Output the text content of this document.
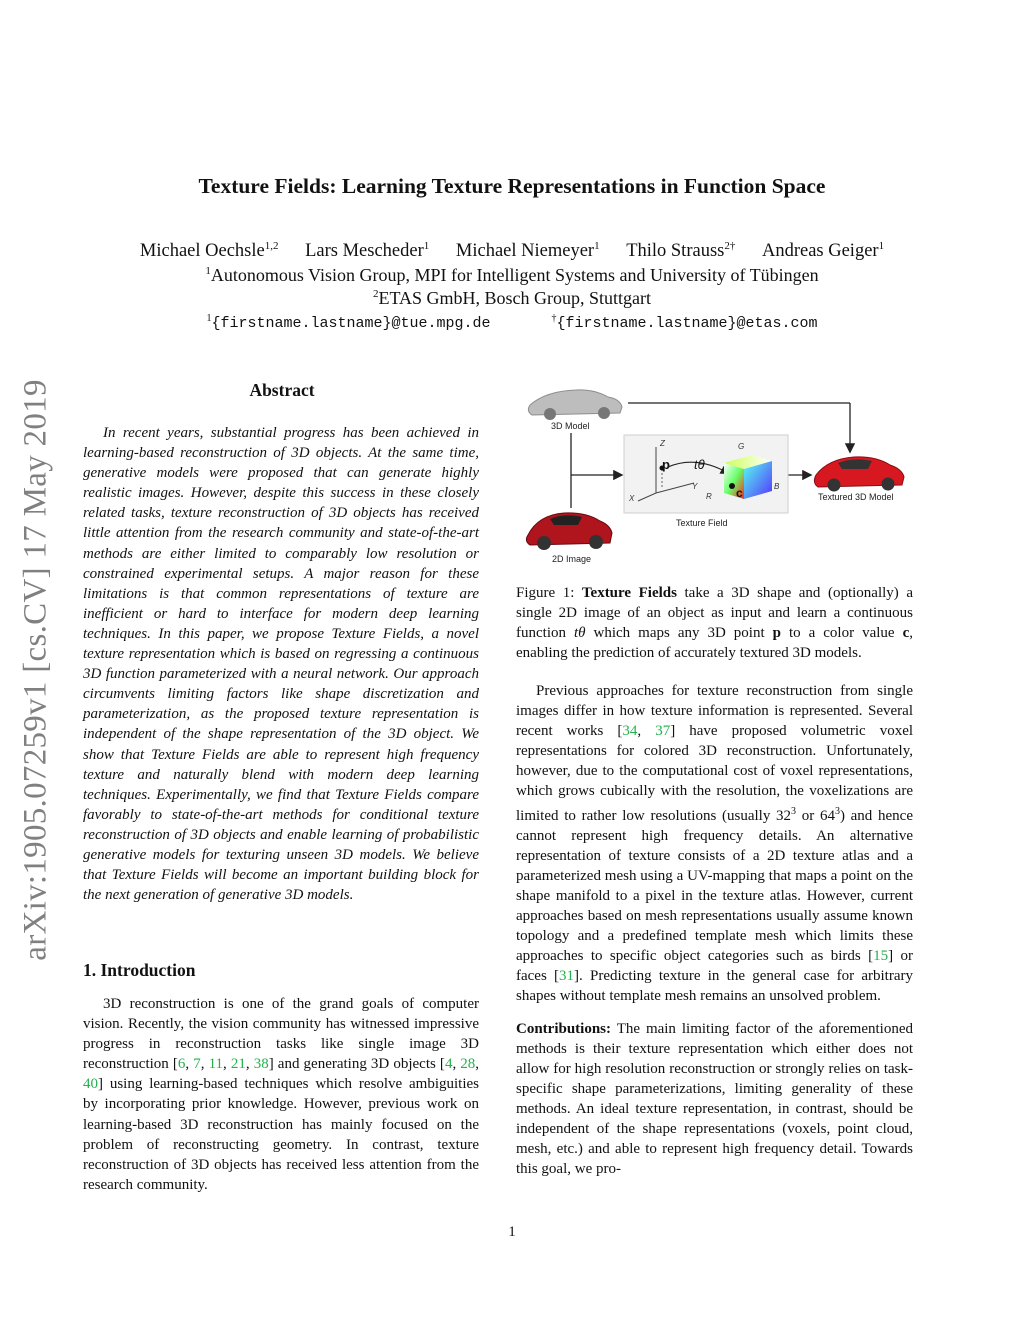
arXiv:1905.07259v1 [cs.CV] 17 May 2019
Texture Fields: Learning Texture Representations in Function Space
Michael Oechsle$^{1,2}$ Lars Mescheder$^1$ Michael Niemeyer$^1$ Thilo Strauss$^{2\dagger}$ Andreas Geiger$^1$
$^1$Autonomous Vision Group, MPI for Intelligent Systems and University of Tübingen
$^2$ETAS GmbH, Bosch Group, Stuttgart
$^1${firstname.lastname}@tue.mpg.de	†{firstname.lastname}@etas.com
Abstract

In recent years, substantial progress has been achieved in learning-based reconstruction of 3D objects. At the same time, generative models were proposed that can generate highly realistic images. However, despite this success in these closely related tasks, texture reconstruction of 3D objects has received little attention from the research community and state-of-the-art methods are either limited to comparably low resolution or constrained experimental setups. A major reason for these limitations is that common representations of texture are inefficient or hard to interface for modern deep learning techniques. In this paper, we propose Texture Fields, a novel texture representation which is based on regressing a continuous 3D function parameterized with a neural network. Our approach circumvents limiting factors like shape discretization and parameterization, as the proposed texture representation is independent of the shape representation of the 3D object. We show that Texture Fields are able to represent high frequency texture and naturally blend with modern deep learning techniques. Experimentally, we find that Texture Fields compare favorably to state-of-the-art methods for conditional texture reconstruction of 3D objects and enable learning of probabilistic generative models for texturing unseen 3D models. We believe that Texture Fields will become an important building block for the next generation of generative 3D models.

1. Introduction

3D reconstruction is one of the grand goals of computer vision. Recently, the vision community has witnessed impressive progress in reconstruction tasks like single image 3D reconstruction [6, 7, 11, 21, 38] and generating 3D objects [4, 28, 40] using learning-based techniques which resolve ambiguities by incorporating prior knowledge. However, previous work on learning-based 3D reconstruction has mainly focused on the problem of reconstructing geometry. In contrast, texture reconstruction of 3D objects has received less attention from the research community.

3D Model
2D Image
Z
X
Y
p tθ
c
G
R
B
Texture Field
Textured 3D Model
Figure 1: Texture Fields take a 3D shape and (optionally) a single 2D image of an object as input and learn a continuous function tθ which maps any 3D point p to a color value c, enabling the prediction of accurately textured 3D models.

Previous approaches for texture reconstruction from single images differ in how texture information is represented. Several recent works [34, 37] have proposed volumetric voxel representations for colored 3D reconstruction. Unfortunately, however, due to the computational cost of voxel representations, which grows cubically with the resolution, the voxelizations are limited to rather low resolutions (usually $32^3$ or $64^3$) and hence cannot represent high frequency details. An alternative representation of texture consists of a 2D texture atlas and a parameterized mesh using a UV-mapping that maps a point on the shape manifold to a pixel in the texture atlas. However, current approaches based on mesh representations usually assume known topology and a predefined template mesh which limits these approaches to specific object categories such as birds [15] or faces [31]. Predicting texture in the general case for arbitrary shapes without template mesh remains an unsolved problem.

Contributions: The main limiting factor of the aforementioned methods is their texture representation which either does not allow for high resolution reconstruction or strongly relies on task-specific shape parameterizations, limiting generality of these methods. An ideal texture representation, in contrast, should be independent of the shape representations (voxels, point cloud, mesh, etc.) and able to represent high frequency detail. Towards this goal, we pro-

1
